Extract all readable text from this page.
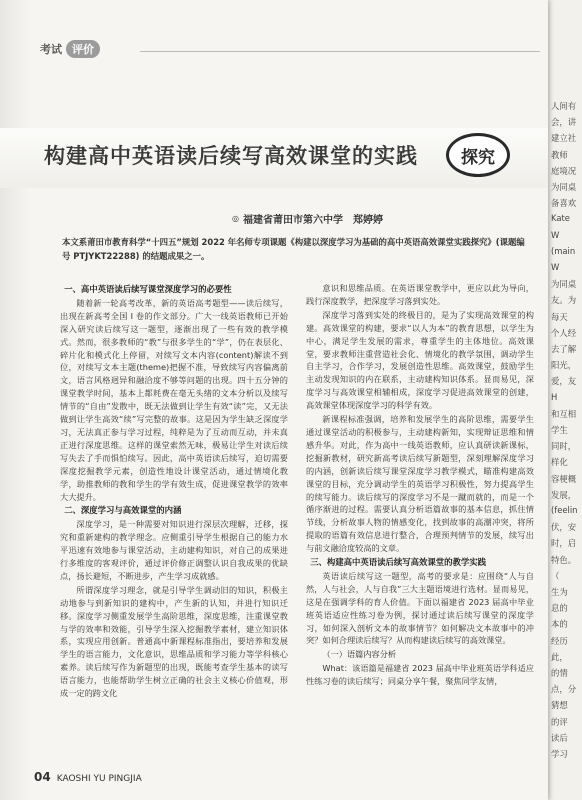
人间有
会，讲
建立社
教师
庭境况
为同桌
备喜欢
Kate
W
(main
W
为同桌
友。为
每天
个人经
去了解
阳光，
爱，友
H
和互相
学生
同时，
样化
容梗概
发展，
(feelin
伏，安
时，启
特色。
（
生为
息的
本的
经历
此，
的情
点，分
猜想
的评
读后
学习
考试 评价
构建高中英语读后续写高效课堂的实践	探究
◎ 福建省莆田市第六中学　郑婷婷
本文系莆田市教育科学“十四五”规划 2022 年名师专项课题《构建以深度学习为基础的高中英语高效课堂实践探究》(课题编号 PTJYKT22288) 的结题成果之一。
一、高中英语读后续写课堂深度学习的必要性

随着新一轮高考改革，新的英语高考题型——读后续写，出现在新高考全国 I 卷的作文部分。广大一线英语教师已开始深入研究读后续写这一题型，逐渐出现了一些有效的教学模式。然而，很多教师的“教”与很多学生的“学”，仍在表层化、碎片化和模式化上停留，对续写文本内容(content)解读不到位，对续写文本主题(theme)把握不准，导致续写内容偏离前文，语言风格迥异和融洽度不够等问题的出现。四十五分钟的课堂教学时间，基本上都耗费在毫无头绪的文本分析以及续写情节的“自由”发散中，既无法做到让学生有效“读”完，又无法做到让学生高效“续”写完整的故事。这是因为学生缺乏深度学习，无法真正参与学习过程，纯粹是为了互动而互动，并未真正进行深度思维。这样的课堂索然无味，极易让学生对读后续写失去了手而惧怕续写。因此，高中英语读后续写，迫切需要深度挖掘教学元素，创造性地设计课堂活动，通过情境化教学，助推教师的教和学生的学有效生成，促进课堂教学的效率大大提升。

二、深度学习与高效课堂的内涵

深度学习，是一种需要对知识进行深层次理解，迁移，探究和重新建构的教学理念。应侧重引导学生根据自己的能力水平迅速有效地参与课堂活动，主动建构知识，对自己的成果进行多维度的客观评价，通过评价修正调整认识自我成果的优缺点，扬长避短，不断进步，产生学习成就感。

所谓深度学习理念，就是引导学生调动旧的知识，积极主动地参与到新知识的建构中，产生新的认知，并进行知识迁移。深度学习侧重发展学生高阶思维，深度思维，注重课堂教与学的效率和效能，引导学生深入挖掘教学素材，建立知识体系，实现应用创新。普通高中新课程标准指出，要培养和发展学生的语言能力，文化意识，思维品质和学习能力等学科核心素养。读后续写作为新题型的出现，既能考查学生基本的读写语言能力，也能帮助学生树立正确的社会主义核心价值观，形成一定的跨文化

意识和思维品质。在英语课堂教学中，更应以此为导向，践行深度教学，把深度学习落到实处。

深度学习落到实处的终极目的，是为了实现高效课堂的构建。高效课堂的构建，要求“以人为本”的教育思想，以学生为中心，满足学生发展的需求，尊重学生的主体地位。高效课堂，要求教师注重营造社会化、情境化的教学氛围，调动学生自主学习，合作学习，发展创造性思维。高效课堂，鼓励学生主动发现知识的内在联系，主动建构知识体系。显而易见，深度学习与高效课堂相辅相成，深度学习促进高效课堂的创建，高效课堂体现深度学习的科学有效。

新课程标准强调，培养和发展学生的高阶思维，需要学生通过课堂活动的积极参与，主动建构新知，实现辩证思维和情感升华。对此，作为高中一线英语教师，应认真研读新课标，挖掘新教材，研究新高考读后续写新题型，深刻理解深度学习的内涵，创新读后续写课堂深度学习教学模式，瞄准构建高效课堂的目标，充分调动学生的英语学习积极性，努力提高学生的续写能力。读后续写的深度学习不是一蹴而就的，而是一个循序渐进的过程。需要认真分析语篇故事的基本信息，抓住情节线，分析故事人物的情感变化，找到故事的高潮冲突，将所提取的语篇有效信息进行整合，合理预判情节的发展，续写出与前文融洽度较高的文章。

三、构建高中英语读后续写高效课堂的教学实践

英语读后续写这一题型，高考的要求是：应围绕“人与自然，人与社会，人与自我”三大主题语境进行选材。显而易见，这是在强调学科的育人价值。下面以福建省 2023 届高中毕业班英语适应性练习卷为例，探讨通过读后续写课堂的深度学习，如何深入剖析文本的故事情节？如何解决文本故事中的冲突？如何合理读后续写？从而构建读后续写的高效课堂。

（一）语篇内容分析

What：该语篇是福建省 2023 届高中毕业班英语学科适应性练习卷的读后续写；同桌分享午餐，聚焦同学友情，

04 KAOSHI YU PINGJIA
